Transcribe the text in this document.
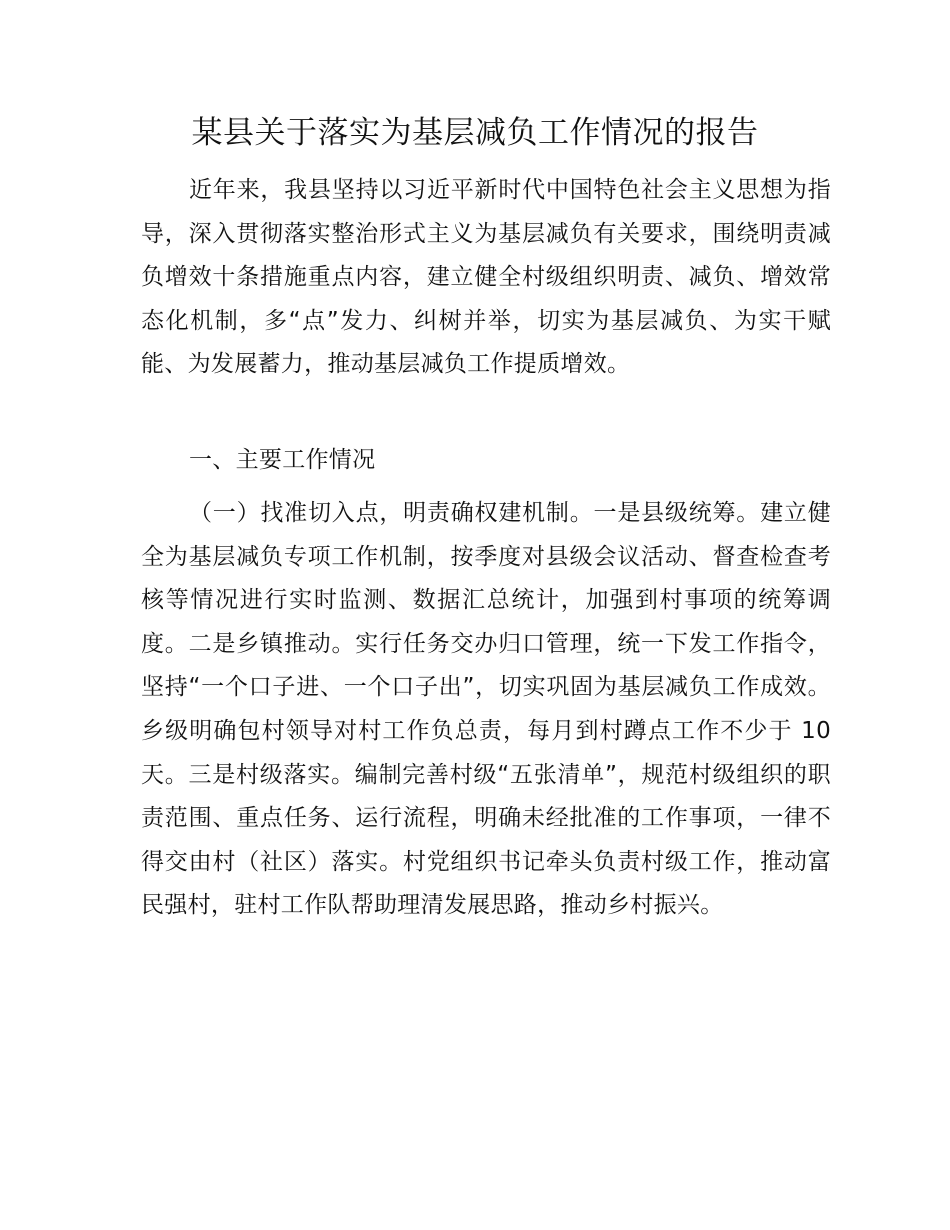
某县关于落实为基层减负工作情况的报告

近年来，我县坚持以习近平新时代中国特色社会主义思想为指导，深入贯彻落实整治形式主义为基层减负有关要求，围绕明责减负增效十条措施重点内容，建立健全村级组织明责、减负、增效常态化机制，多“点”发力、纠树并举，切实为基层减负、为实干赋能、为发展蓄力，推动基层减负工作提质增效。

一、主要工作情况

（一）找准切入点，明责确权建机制。一是县级统筹。建立健全为基层减负专项工作机制，按季度对县级会议活动、督查检查考核等情况进行实时监测、数据汇总统计，加强到村事项的统筹调度。二是乡镇推动。实行任务交办归口管理，统一下发工作指令，坚持“一个口子进、一个口子出”，切实巩固为基层减负工作成效。乡级明确包村领导对村工作负总责，每月到村蹲点工作不少于 10 天。三是村级落实。编制完善村级“五张清单”，规范村级组织的职责范围、重点任务、运行流程，明确未经批准的工作事项，一律不得交由村（社区）落实。村党组织书记牵头负责村级工作，推动富民强村，驻村工作队帮助理清发展思路，推动乡村振兴。
